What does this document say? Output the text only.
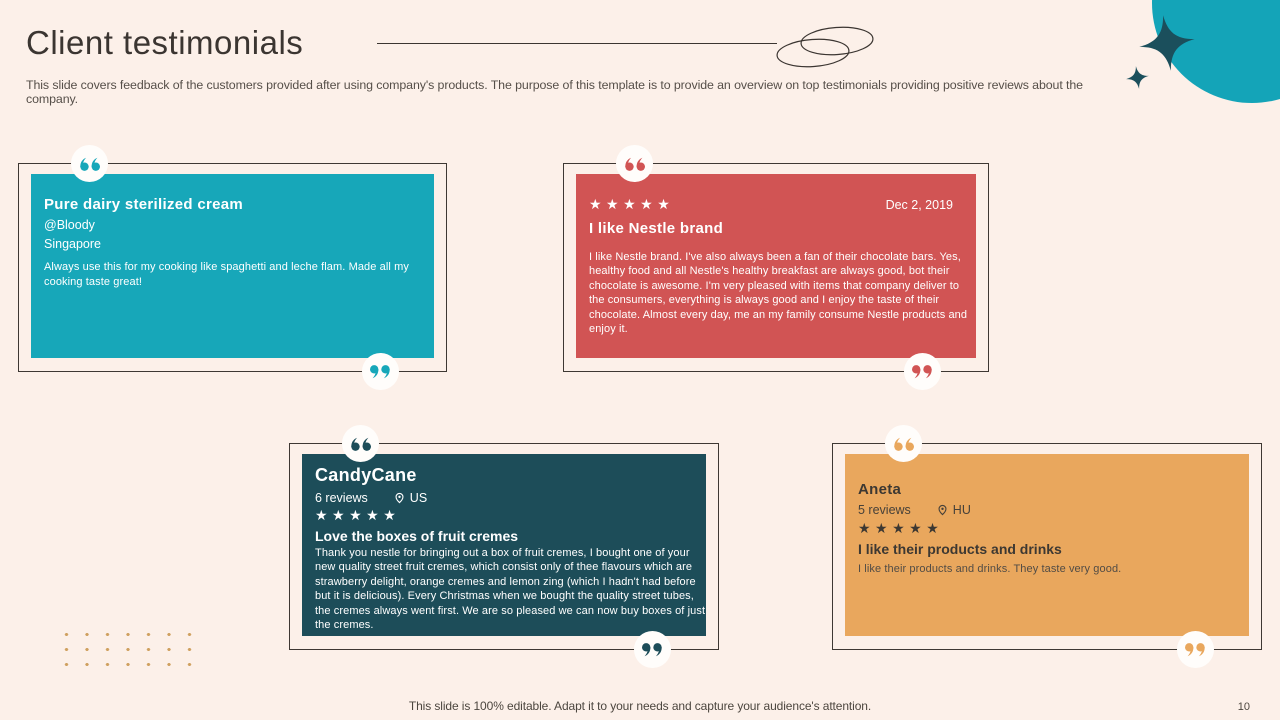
Client testimonials

This slide covers feedback of the customers provided after using company's products. The purpose of this template is to provide an overview on top testimonials providing positive reviews about the company.

Pure dairy sterilized cream
@Bloody
Singapore

Always use this for my cooking like spaghetti and leche flam. Made all my cooking taste great!

★★★★★	Dec 2, 2019
I like Nestle brand

I like Nestle brand. I've also always been a fan of their chocolate bars. Yes, healthy food and all Nestle's healthy breakfast are always good, bot their chocolate is awesome. I'm very pleased with items that company deliver to the consumers, everything is always good and I enjoy the taste of their chocolate. Almost every day, me an my family consume Nestle products and enjoy it.

CandyCane
6 reviews	US
★★★★★
Love the boxes of fruit cremes

Thank you nestle for bringing out a box of fruit cremes, I bought one of your new quality street fruit cremes, which consist only of thee flavours which are strawberry delight, orange cremes and lemon zing (which I hadn't had before but it is delicious). Every Christmas when we bought the quality street tubes, the cremes always went first. We are so pleased we can now buy boxes of just the cremes.

Aneta
5 reviews	HU
★★★★★
I like their products and drinks

I like their products and drinks. They taste very good.

This slide is 100% editable. Adapt it to your needs and capture your audience's attention.	10
